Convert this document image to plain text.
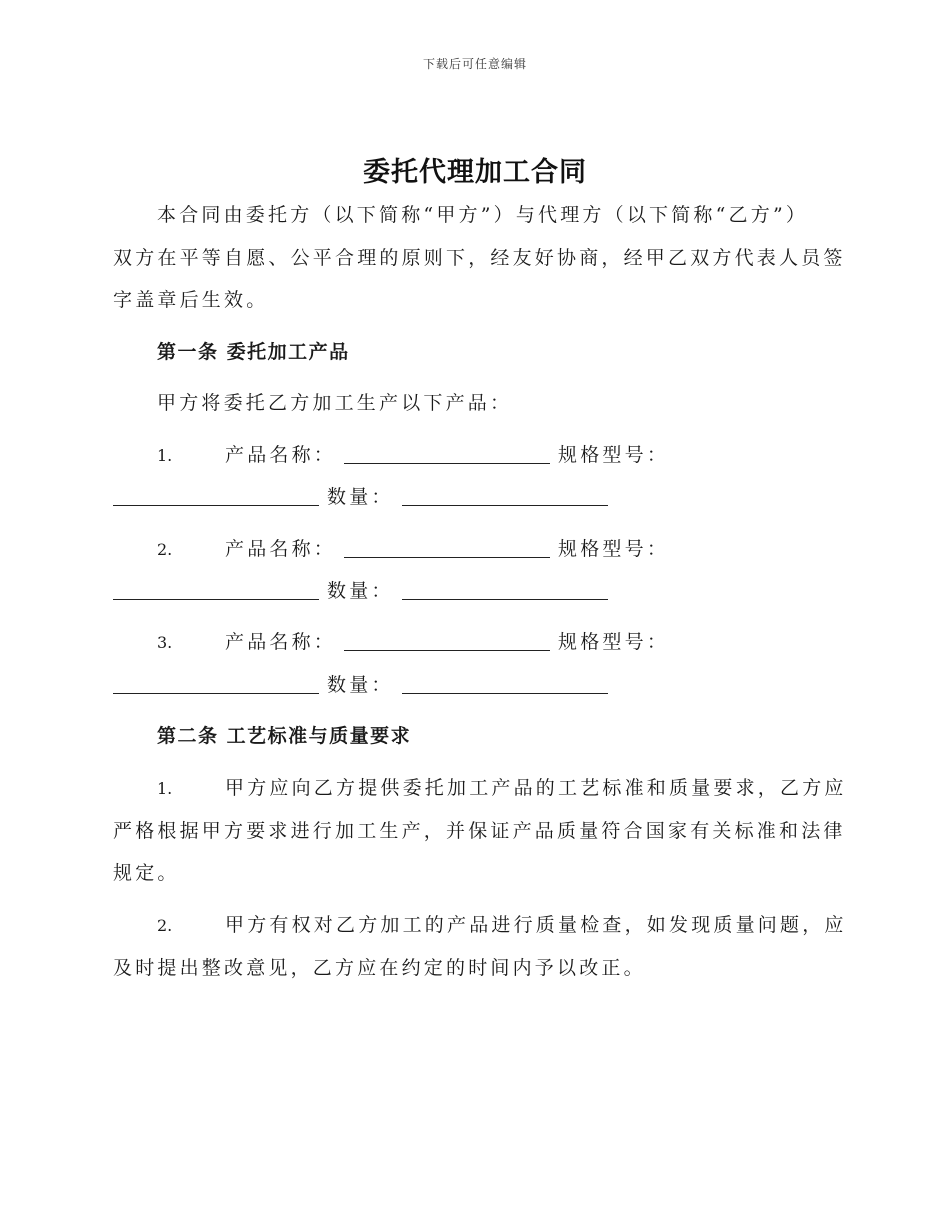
下载后可任意编辑
委托代理加工合同
本合同由委托方（以下简称“甲方”）与代理方（以下简称“乙方”）
双方在平等自愿、公平合理的原则下，经友好协商，经甲乙双方代表人员签
字盖章后生效。
第一条 委托加工产品
甲方将委托乙方加工生产以下产品：
1.	产品名称：	规格型号：
数量：
2.	产品名称：	规格型号：
数量：
3.	产品名称：	规格型号：
数量：
第二条 工艺标准与质量要求
1.	甲方应向乙方提供委托加工产品的工艺标准和质量要求，乙方应
严格根据甲方要求进行加工生产，并保证产品质量符合国家有关标准和法律
规定。
2.	甲方有权对乙方加工的产品进行质量检查，如发现质量问题，应
及时提出整改意见，乙方应在约定的时间内予以改正。
